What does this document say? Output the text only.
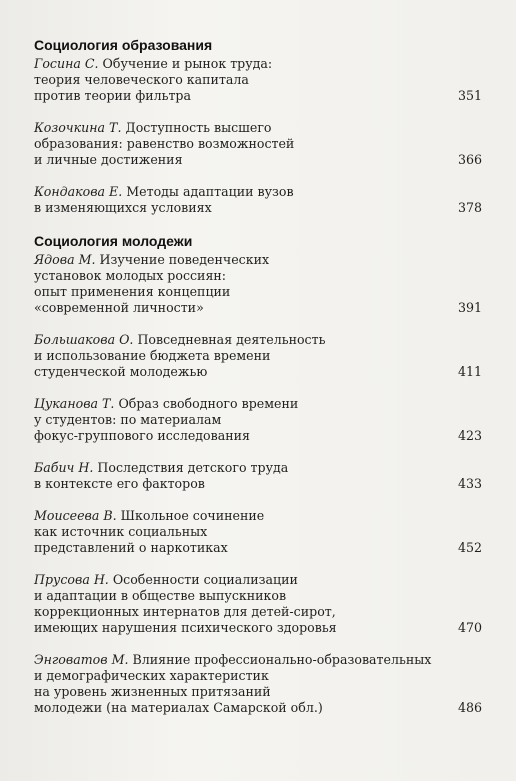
Социология образования
Госина С. Обучение и рынок труда:
теория человеческого капитала
против теории фильтра	351
Козочкина Т. Доступность высшего
образования: равенство возможностей
и личные достижения	366
Кондакова Е. Методы адаптации вузов
в изменяющихся условиях	378
Социология молодежи
Ядова М. Изучение поведенческих
установок молодых россиян:
опыт применения концепции
«современной личности»	391
Большакова О. Повседневная деятельность
и использование бюджета времени
студенческой молодежью	411
Цуканова Т. Образ свободного времени
у студентов: по материалам
фокус-группового исследования	423
Бабич Н. Последствия детского труда
в контексте его факторов	433
Моисеева В. Школьное сочинение
как источник социальных
представлений о наркотиках	452
Прусова Н. Особенности социализации
и адаптации в обществе выпускников
коррекционных интернатов для детей-сирот,
имеющих нарушения психического здоровья	470
Энговатов М. Влияние профессионально-образовательных
и демографических характеристик
на уровень жизненных притязаний
молодежи (на материалах Самарской обл.)	486
